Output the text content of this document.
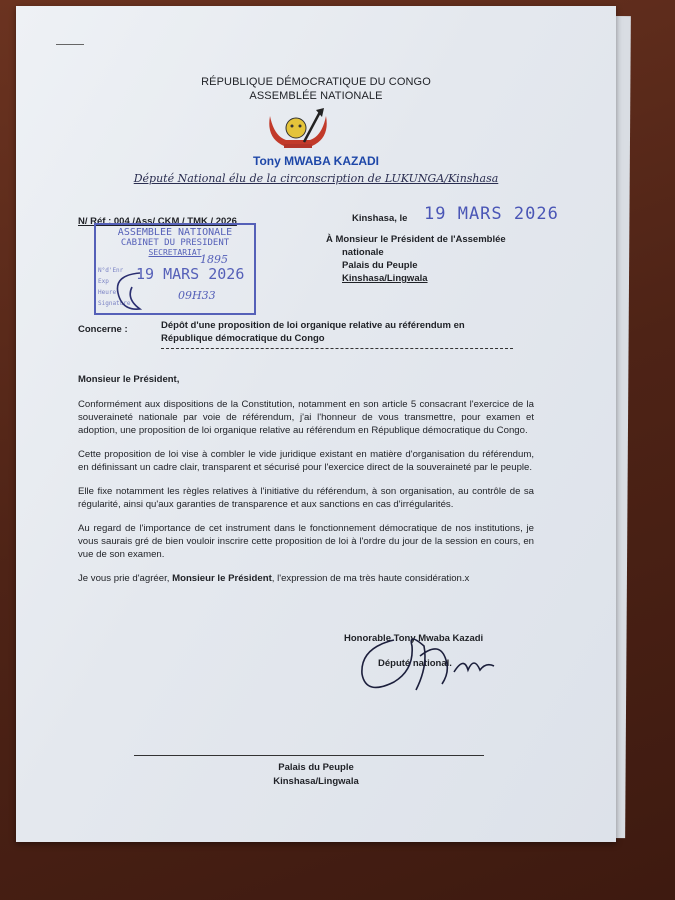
RÉPUBLIQUE DÉMOCRATIQUE DU CONGO
ASSEMBLÉE NATIONALE
Tony MWABA KAZADI
Député National élu de la circonscription de LUKUNGA/Kinshasa
N/ Réf : 004 /Ass/ CKM / TMK / 2026	Kinshasa, le 19 MARS 2026
ASSEMBLEE NATIONALE
CABINET DU PRESIDENT
SECRETARIAT
1895
N°d'Enr
Exp
Heure
Signature
19 MARS 2026
09H33
À Monsieur le Président de l'Assemblée
nationale
Palais du Peuple
Kinshasa/Lingwala
Concerne :	Dépôt d'une proposition de loi organique relative au référendum en République démocratique du Congo
Monsieur le Président,

Conformément aux dispositions de la Constitution, notamment en son article 5 consacrant l'exercice de la souveraineté nationale par voie de référendum, j'ai l'honneur de vous transmettre, pour examen et adoption, une proposition de loi organique relative au référendum en République démocratique du Congo.

Cette proposition de loi vise à combler le vide juridique existant en matière d'organisation du référendum, en définissant un cadre clair, transparent et sécurisé pour l'exercice direct de la souveraineté par le peuple.

Elle fixe notamment les règles relatives à l'initiative du référendum, à son organisation, au contrôle de sa régularité, ainsi qu'aux garanties de transparence et aux sanctions en cas d'irrégularités.

Au regard de l'importance de cet instrument dans le fonctionnement démocratique de nos institutions, je vous saurais gré de bien vouloir inscrire cette proposition de loi à l'ordre du jour de la session en cours, en vue de son examen.

Je vous prie d'agréer, Monsieur le Président, l'expression de ma très haute considération.x

Honorable Tony Mwaba Kazadi
Député national.
Palais du Peuple
Kinshasa/Lingwala
